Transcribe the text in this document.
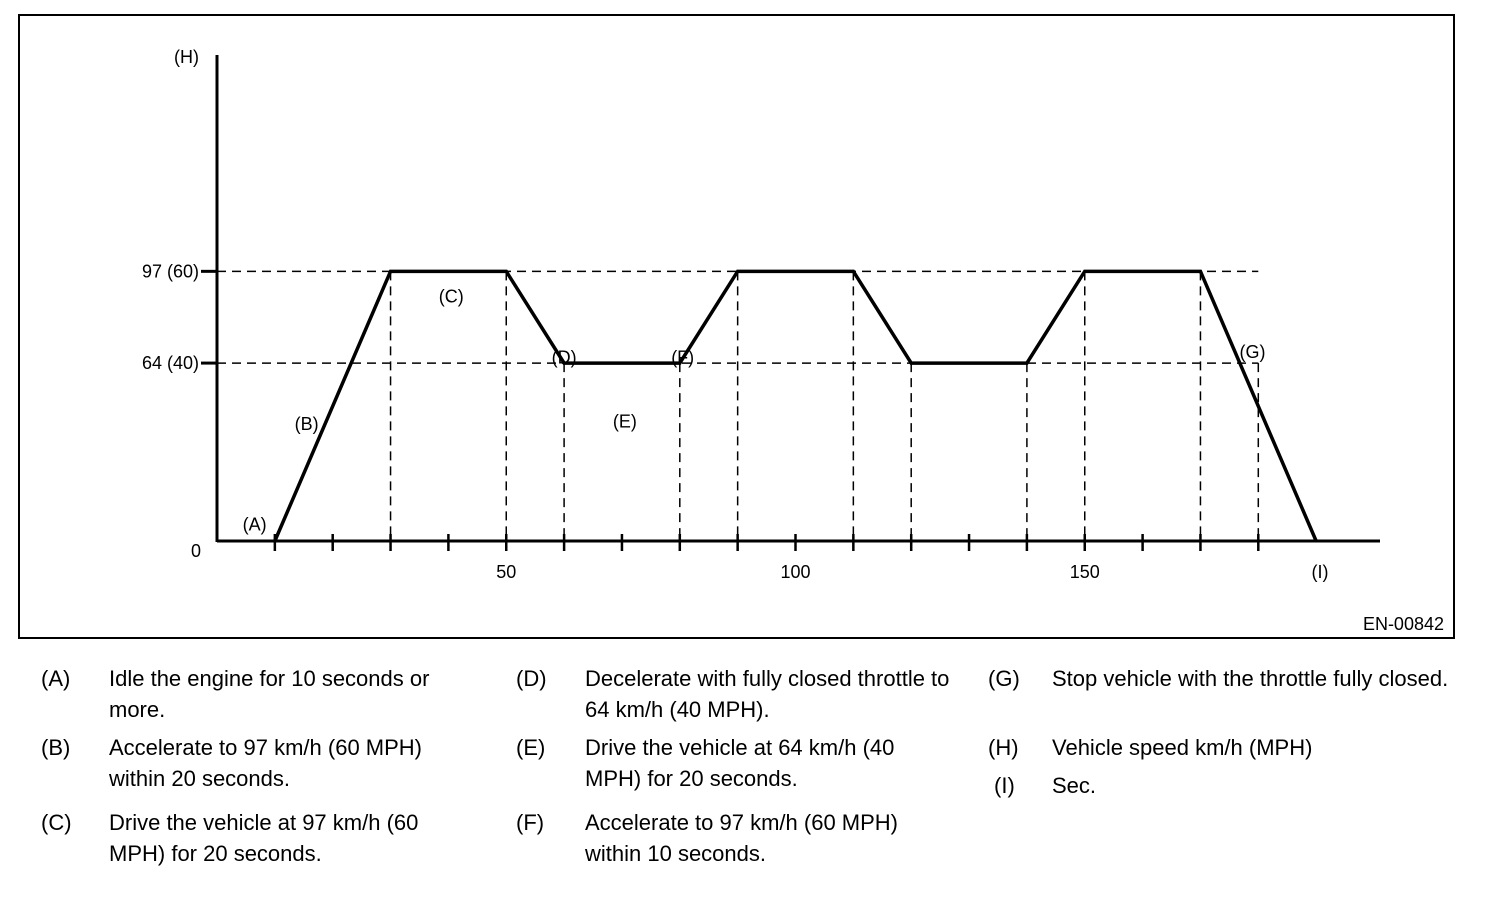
0
64 (40)
97 (60)
50	100	150
(H)
(I)
EN-00842
(A)
(B)
(C)
(D)
(E)
(F)	(G)
(A) Idle the engine for 10 seconds or more.
(B) Accelerate to 97 km/h (60 MPH) within 20 seconds.
(C) Drive the vehicle at 97 km/h (60 MPH) for 20 seconds.
(D) Decelerate with fully closed throttle to 64 km/h (40 MPH).
(E) Drive the vehicle at 64 km/h (40 MPH) for 20 seconds.
(F) Accelerate to 97 km/h (60 MPH) within 10 seconds.
(G) Stop vehicle with the throttle fully closed.
(H) Vehicle speed km/h (MPH)
(I) Sec.
